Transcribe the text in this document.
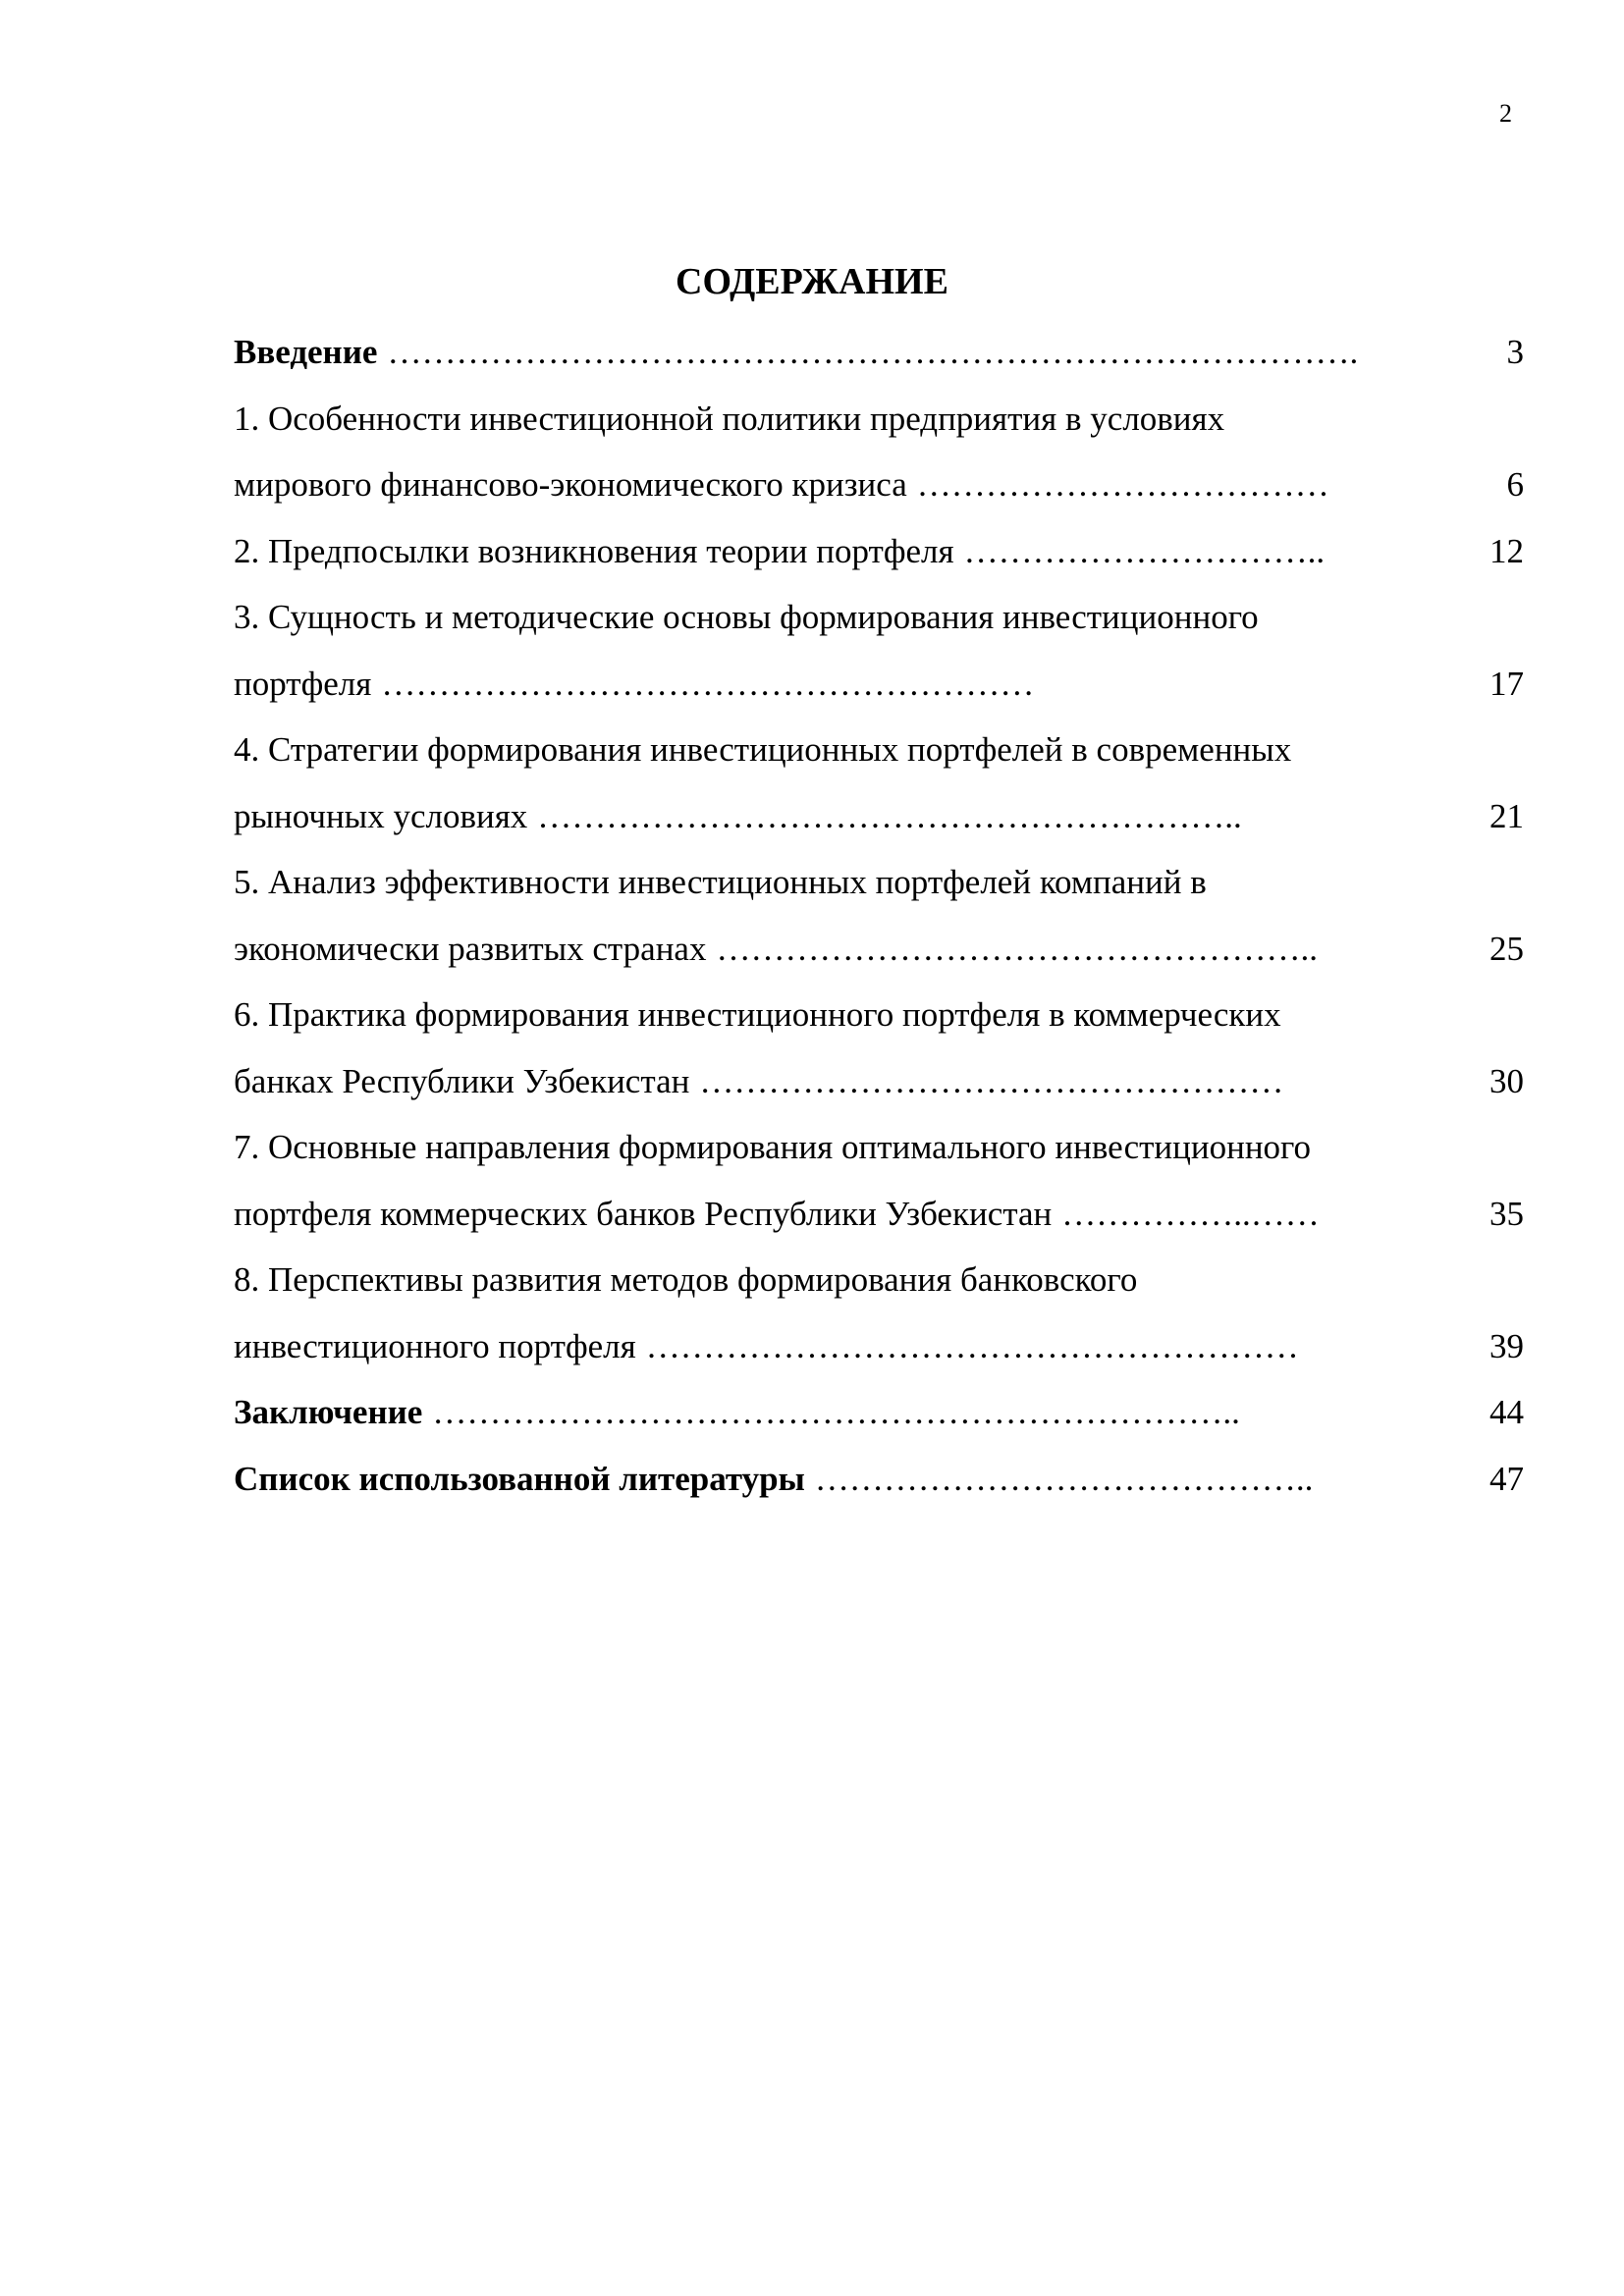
2
СОДЕРЖАНИЕ
Введение ………………………………………………………………………….	3
1. Особенности инвестиционной политики предприятия в условиях
мирового финансово-экономического кризиса ………………………………	6
2. Предпосылки возникновения теории портфеля …………………………..	12
3. Сущность и методические основы формирования инвестиционного
портфеля …………………………………………………	17
4. Стратегии формирования инвестиционных портфелей в современных
рыночных условиях ……………………………………………………..	21
5. Анализ эффективности инвестиционных портфелей компаний в
экономически развитых странах ……………………………………………..	25
6. Практика формирования инвестиционного портфеля в коммерческих
банках Республики Узбекистан ……………………………………………	30
7. Основные направления формирования оптимального инвестиционного
портфеля коммерческих банков Республики Узбекистан ……………..……	35
8. Перспективы развития методов формирования банковского
инвестиционного портфеля …………………………………………………	39
Заключение ……………………………………………………………..	44
Список использованной литературы ……………………………………..	47
